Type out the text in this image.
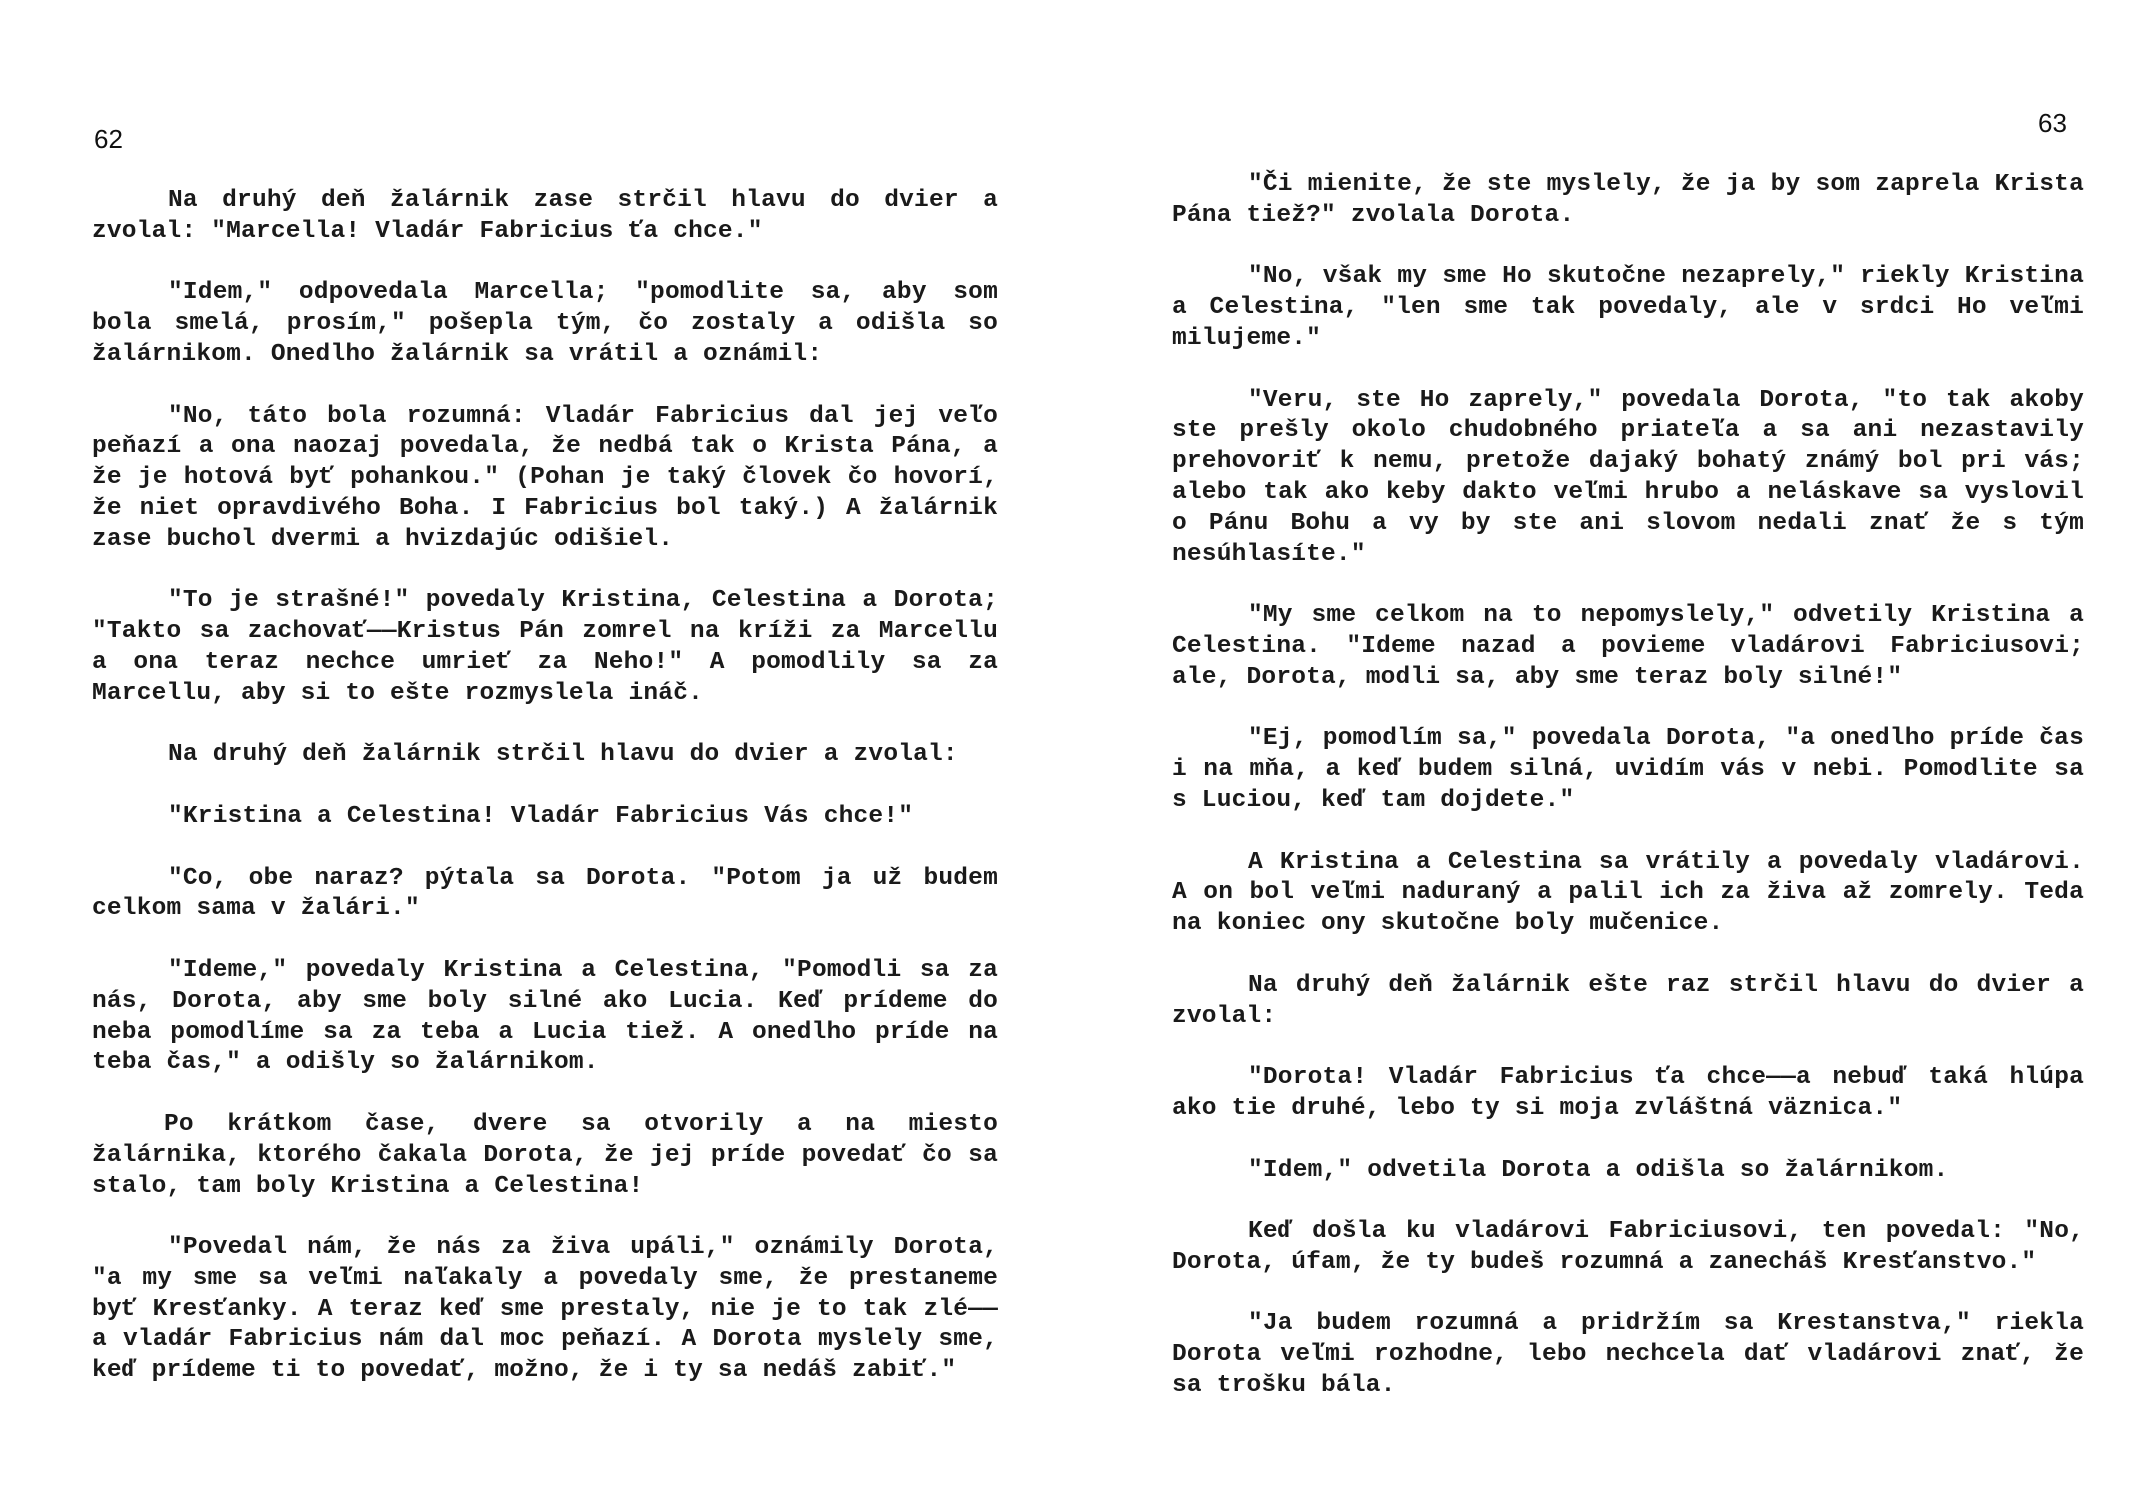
62

Na druhý deň žalárnik zase strčil hlavu do dvier a zvolal: "Marcella! Vladár Fabricius ťa chce."

"Idem," odpovedala Marcella; "pomodlite sa, aby som bola smelá, prosím," pošepla tým, čo zostaly a odišla so žalárnikom. Onedlho žalárnik sa vrátil a oznámil:

"No, táto bola rozumná: Vladár Fabricius dal jej veľo peňazí a ona naozaj povedala, že nedbá tak o Krista Pána, a že je hotová byť pohankou." (Pohan je taký človek čo hovorí, že niet opravdivého Boha. I Fabricius bol taký.) A žalárnik zase buchol dvermi a hvizdajúc odišiel.

"To je strašné!" povedaly Kristina, Celestina a Dorota; "Takto sa zachovať——Kristus Pán zomrel na kríži za Marcellu a ona teraz nechce umrieť za Neho!" A pomodlily sa za Marcellu, aby si to ešte rozmyslela ináč.

Na druhý deň žalárnik strčil hlavu do dvier a zvolal:

"Kristina a Celestina! Vladár Fabricius Vás chce!"

"Co, obe naraz? pýtala sa Dorota. "Potom ja už budem celkom sama v žalári."

"Ideme," povedaly Kristina a Celestina, "Pomodli sa za nás, Dorota, aby sme boly silné ako Lucia. Keď prídeme do neba pomodlíme sa za teba a Lucia tiež. A onedlho príde na teba čas," a odišly so žalárnikom.

Po krátkom čase, dvere sa otvorily a na miesto žalárnika, ktorého čakala Dorota, že jej príde povedať čo sa stalo, tam boly Kristina a Celestina!

"Povedal nám, že nás za živa upáli," oznámily Dorota, "a my sme sa veľmi naľakaly a povedaly sme, že prestaneme byť Kresťanky. A teraz keď sme prestaly, nie je to tak zlé——a vladár Fabricius nám dal moc peňazí. A Dorota myslely sme, keď prídeme ti to povedať, možno, že i ty sa nedáš zabiť."

63

"Či mienite, že ste myslely, že ja by som zaprela Krista Pána tiež?" zvolala Dorota.

"No, však my sme Ho skutočne nezaprely," riekly Kristina a Celestina, "len sme tak povedaly, ale v srdci Ho veľmi milujeme."

"Veru, ste Ho zaprely," povedala Dorota, "to tak akoby ste prešly okolo chudobného priateľa a sa ani nezastavily prehovoriť k nemu, pretože dajaký bohatý známý bol pri vás; alebo tak ako keby dakto veľmi hrubo a neláskave sa vyslovil o Pánu Bohu a vy by ste ani slovom nedali znať že s tým nesúhlasíte."

"My sme celkom na to nepomyslely," odvetily Kristina a Celestina. "Ideme nazad a povieme vladárovi Fabriciusovi; ale, Dorota, modli sa, aby sme teraz boly silné!"

"Ej, pomodlím sa," povedala Dorota, "a onedlho príde čas i na mňa, a keď budem silná, uvidím vás v nebi. Pomodlite sa s Luciou, keď tam dojdete."

A Kristina a Celestina sa vrátily a povedaly vladárovi. A on bol veľmi naduraný a palil ich za živa až zomrely. Teda na koniec ony skutočne boly mučenice.

Na druhý deň žalárnik ešte raz strčil hlavu do dvier a zvolal:

"Dorota! Vladár Fabricius ťa chce——a nebuď taká hlúpa ako tie druhé, lebo ty si moja zvláštná väznica."

"Idem," odvetila Dorota a odišla so žalárnikom.

Keď došla ku vladárovi Fabriciusovi, ten povedal: "No, Dorota, úfam, že ty budeš rozumná a zanecháš Kresťanstvo."

"Ja budem rozumná a pridržím sa Krestanstva," riekla Dorota veľmi rozhodne, lebo nechcela dať vladárovi znať, že sa trošku bála.
